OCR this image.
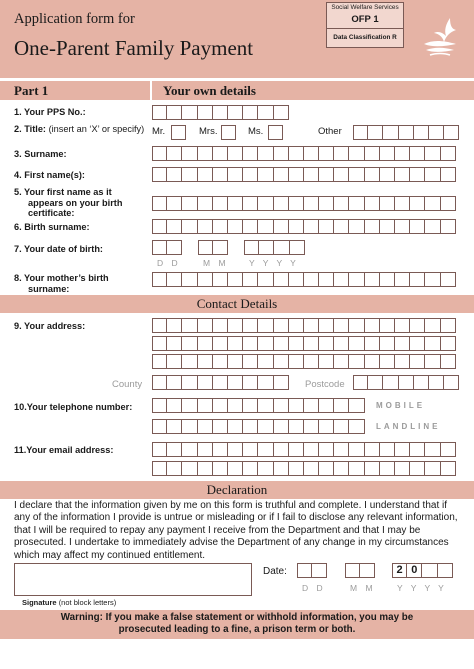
Application form for
One-Parent Family Payment
Social Welfare Services
OFP 1
Data Classification R
Part 1	Your own details
1. Your PPS No.:
2. Title: (insert an ‘X’ or specify) Mr.	Mrs.	Ms.	Other
3. Surname:
4. First name(s):
5. Your first name as it
appears on your birth
certificate:
6. Birth surname:
7. Your date of birth:
D D	M M Y Y Y Y
8. Your mother’s birth
surname:
Contact Details
9. Your address:
County	Postcode
10.Your telephone number:	MOBILE
LANDLINE
11.Your email address:
Declaration
I declare that the information given by me on this form is truthful and complete. I understand that if any of the information I provide is untrue or misleading or if I fail to disclose any relevant information, that I will be required to repay any payment I receive from the Department and that I may be prosecuted. I undertake to immediately advise the Department of any change in my circumstances which may affect my continued entitlement.
Signature (not block letters)
Date:	2 0
D D	M M	Y Y Y Y
Warning: If you make a false statement or withhold information, you may be
prosecuted leading to a fine, a prison term or both.
